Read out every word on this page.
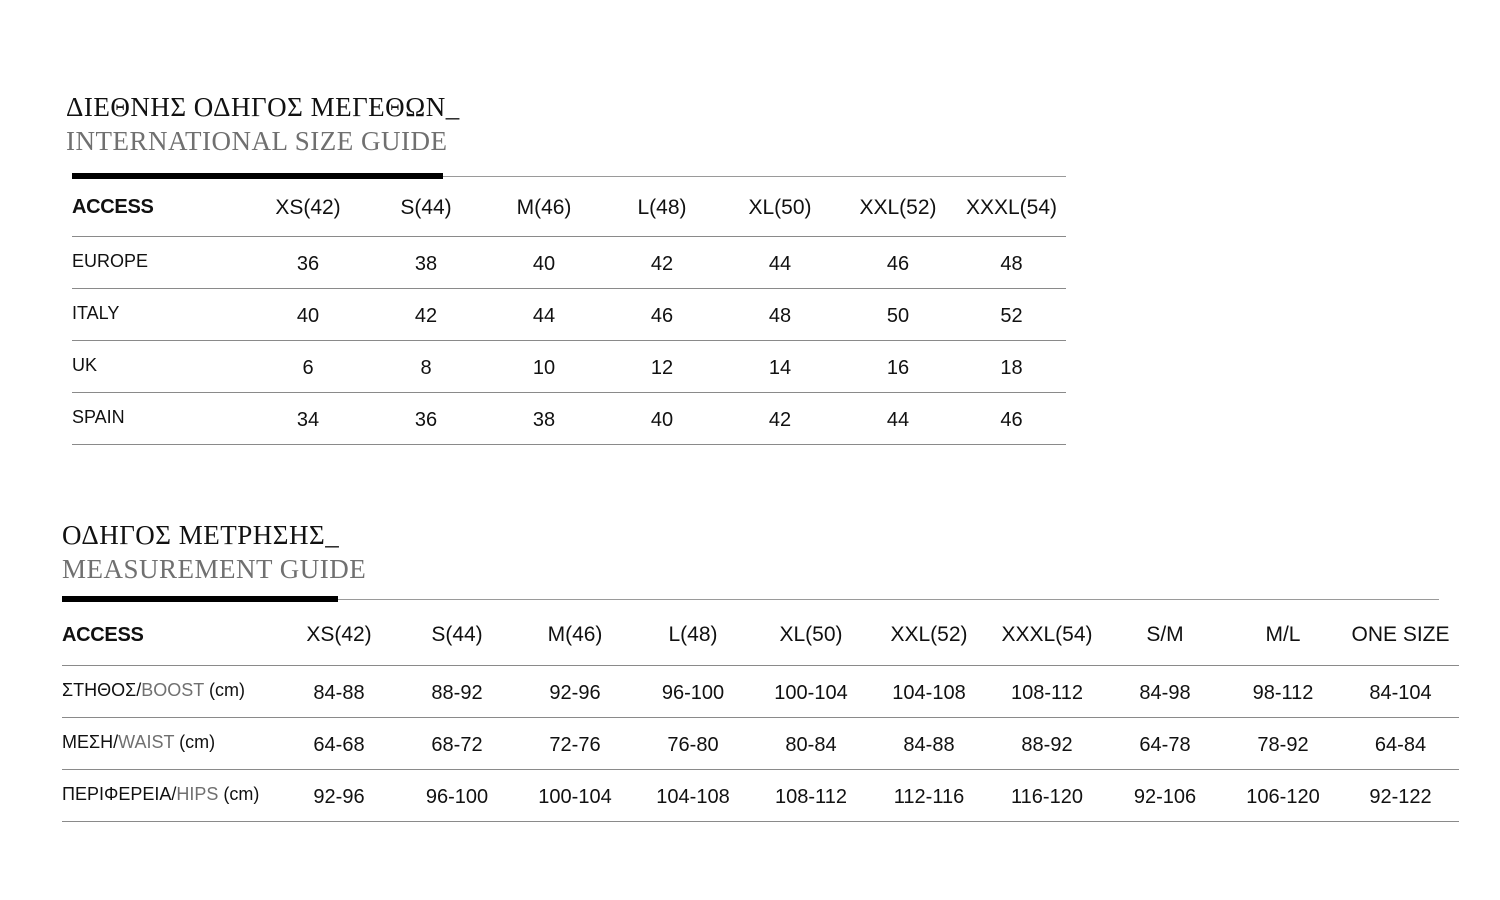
ΔΙΕΘΝΗΣ ΟΔΗΓΟΣ ΜΕΓΕΘΩΝ_
INTERNATIONAL SIZE GUIDE
ACCESS	XS(42)	S(44)	M(46)	L(48)	XL(50)	XXL(52)	XXXL(54)
EUROPE	36	38	40	42	44	46	48
ITALY	40	42	44	46	48	50	52
UK	6	8	10	12	14	16	18
SPAIN	34	36	38	40	42	44	46
ΟΔΗΓΟΣ ΜΕΤΡΗΣΗΣ_
MEASUREMENT GUIDE
ACCESS	XS(42)	S(44)	M(46)	L(48)	XL(50)	XXL(52)	XXXL(54)	S/M	M/L	ONE SIZE
ΣΤΗΘΟΣ/BOOST (cm)	84-88	88-92	92-96	96-100	100-104	104-108	108-112	84-98	98-112	84-104
ΜΕΣΗ/WAIST (cm)	64-68	68-72	72-76	76-80	80-84	84-88	88-92	64-78	78-92	64-84
ΠΕΡΙΦΕΡΕΙΑ/HIPS (cm)	92-96	96-100	100-104	104-108	108-112	112-116	116-120	92-106	106-120	92-122
